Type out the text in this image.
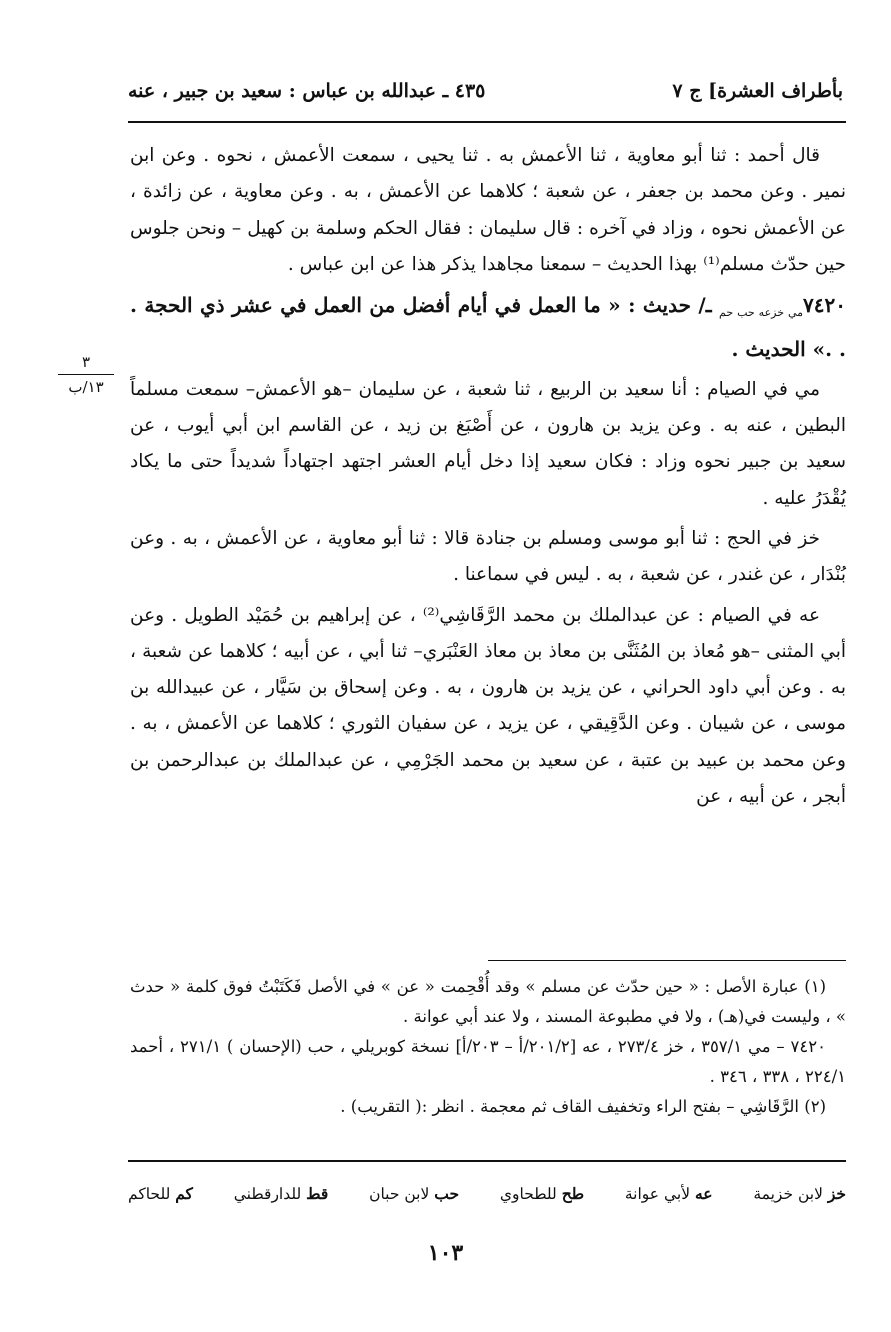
بأطراف العشرة] ج ٧
٤٣٥ ـ عبدالله بن عباس : سعيد بن جبير ، عنه

قال أحمد : ثنا أبو معاوية ، ثنا الأعمش به . ثنا يحيى ، سمعت الأعمش ، نحوه . وعن ابن نمير . وعن محمد بن جعفر ، عن شعبة ؛ كلاهما عن الأعمش ، به . وعن معاوية ، عن زائدة ، عن الأعمش نحوه ، وزاد في آخره : قال سليمان : فقال الحكم وسلمة بن كهيل – ونحن جلوس حين حدّث مسلم⁽¹⁾ بهذا الحديث – سمعنا مجاهدا يذكر هذا عن ابن عباس .

$٧٤٢٠_{مي خزعه حب حم}$ ـ/ حديث : « ما العمل في أيام أفضل من العمل في عشر ذي الحجة . . .» الحديث .

مي في الصيام : أنا سعيد بن الربيع ، ثنا شعبة ، عن سليمان –هو الأعمش– سمعت مسلماً البطين ، عنه به . وعن يزيد بن هارون ، عن أَصْبَغ بن زيد ، عن القاسم ابن أبي أيوب ، عن سعيد بن جبير نحوه وزاد : فكان سعيد إذا دخل أيام العشر اجتهد اجتهاداً شديداً حتى ما يكاد يُقْدَرُ عليه .

خز في الحج : ثنا أبو موسى ومسلم بن جنادة قالا : ثنا أبو معاوية ، عن الأعمش ، به . وعن بُنْدَار ، عن غندر ، عن شعبة ، به . ليس في سماعنا .

عه في الصيام : عن عبدالملك بن محمد الرَّقَاشِي⁽²⁾ ، عن إبراهيم بن حُمَيْد الطويل . وعن أبي المثنى –هو مُعاذ بن المُثَنَّى بن معاذ بن معاذ العَنْبَري– ثنا أبي ، عن أبيه ؛ كلاهما عن شعبة ، به . وعن أبي داود الحراني ، عن يزيد بن هارون ، به . وعن إسحاق بن سَيَّار ، عن عبيدالله بن موسى ، عن شيبان . وعن الدَّقِيقي ، عن يزيد ، عن سفيان الثوري ؛ كلاهما عن الأعمش ، به . وعن محمد بن عبيد بن عتبة ، عن سعيد بن محمد الجَرْمِي ، عن عبدالملك بن عبدالرحمن بن أبجر ، عن أبيه ، عن

٣
١٣/ب

(١) عبارة الأصل : « حين حدّث عن مسلم » وقد أُقْحِمت « عن » في الأصل فَكَتَبْتُ فوق كلمة « حدث » ، وليست في(هـ) ، ولا في مطبوعة المسند ، ولا عند أبي عوانة .

٧٤٢٠ – مي ٣٥٧/١ ، خز ٢٧٣/٤ ، عه [٢٠١/٢/أ – ٢٠٣/أ] نسخة كوبريلي ، حب (الإحسان ) ٢٧١/١ ، أحمد ٢٢٤/١ ، ٣٣٨ ، ٣٤٦ .

(٢) الرَّقَاشِي – بفتح الراء وتخفيف القاف ثم معجمة . انظر :( التقريب) .

خز لابن خزيمة
عه لأبي عوانة
طح للطحاوي
حب لابن حبان
قط للدارقطني
كم للحاكم
١٠٣
